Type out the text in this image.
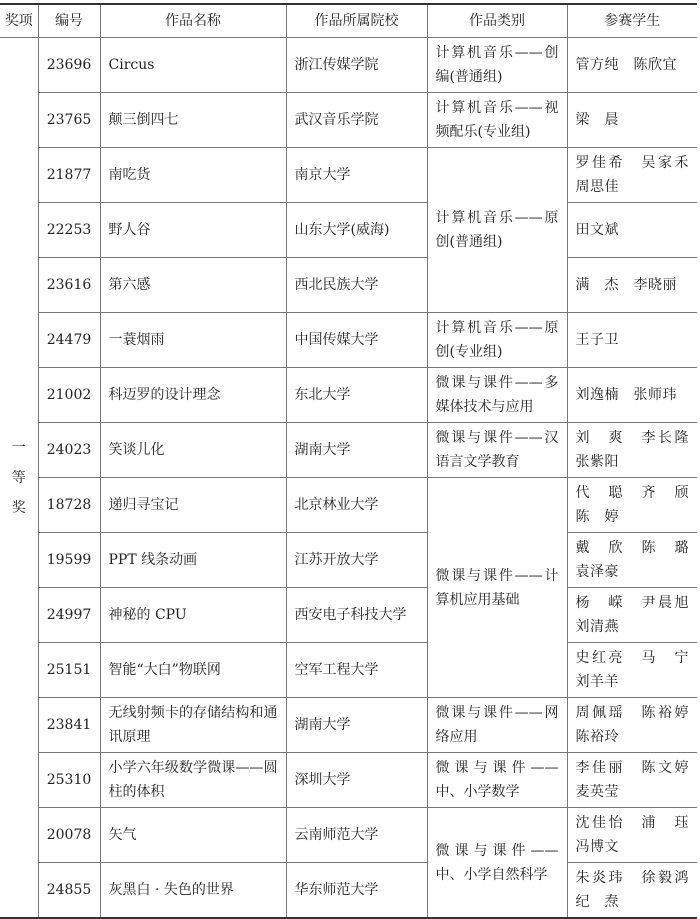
奖项	编号	作品名称	作品所属院校	作品类别	参赛学生
一等奖	23696	Circus	浙江传媒学院	计算机音乐——创编(普通组)	管方纯　陈欣宜
	23765	颠三倒四七	武汉音乐学院	计算机音乐——视频配乐(专业组)	梁　晨
	21877	南吃货	南京大学	计算机音乐——原创(普通组)	罗佳希　吴家禾 周思佳
	22253	野人谷	山东大学(威海)		田文斌
	23616	第六感	西北民族大学		满　杰　李晓丽
	24479	一蓑烟雨	中国传媒大学	计算机音乐——原创(专业组)	王子卫
	21002	科迈罗的设计理念	东北大学	微课与课件——多媒体技术与应用	刘逸楠　张师玮
	24023	笑谈儿化	湖南大学	微课与课件——汉语言文学教育	刘　爽　李长隆 张紫阳
	18728	递归寻宝记	北京林业大学	微课与课件——计算机应用基础	代　聪　齐　颀 陈　婷
	19599	PPT 线条动画	江苏开放大学		戴　欣　陈　璐 袁泽豪
	24997	神秘的 CPU	西安电子科技大学		杨　嵘　尹晨旭 刘清燕
	25151	智能“大白”物联网	空军工程大学		史红亮　马　宁 刘羊羊
	23841	无线射频卡的存储结构和通讯原理	湖南大学	微课与课件——网络应用	周佩瑶　陈裕婷 陈裕玲
	25310	小学六年级数学微课——圆柱的体积	深圳大学	微课与课件——中、小学数学	李佳丽　陈文婷 麦英莹
	20078	矢气	云南师范大学	微课与课件——中、小学自然科学	沈佳怡　浦　珏 冯博文
	24855	灰黑白 · 失色的世界	华东师范大学		朱炎玮　徐毅鸿 纪　焘
